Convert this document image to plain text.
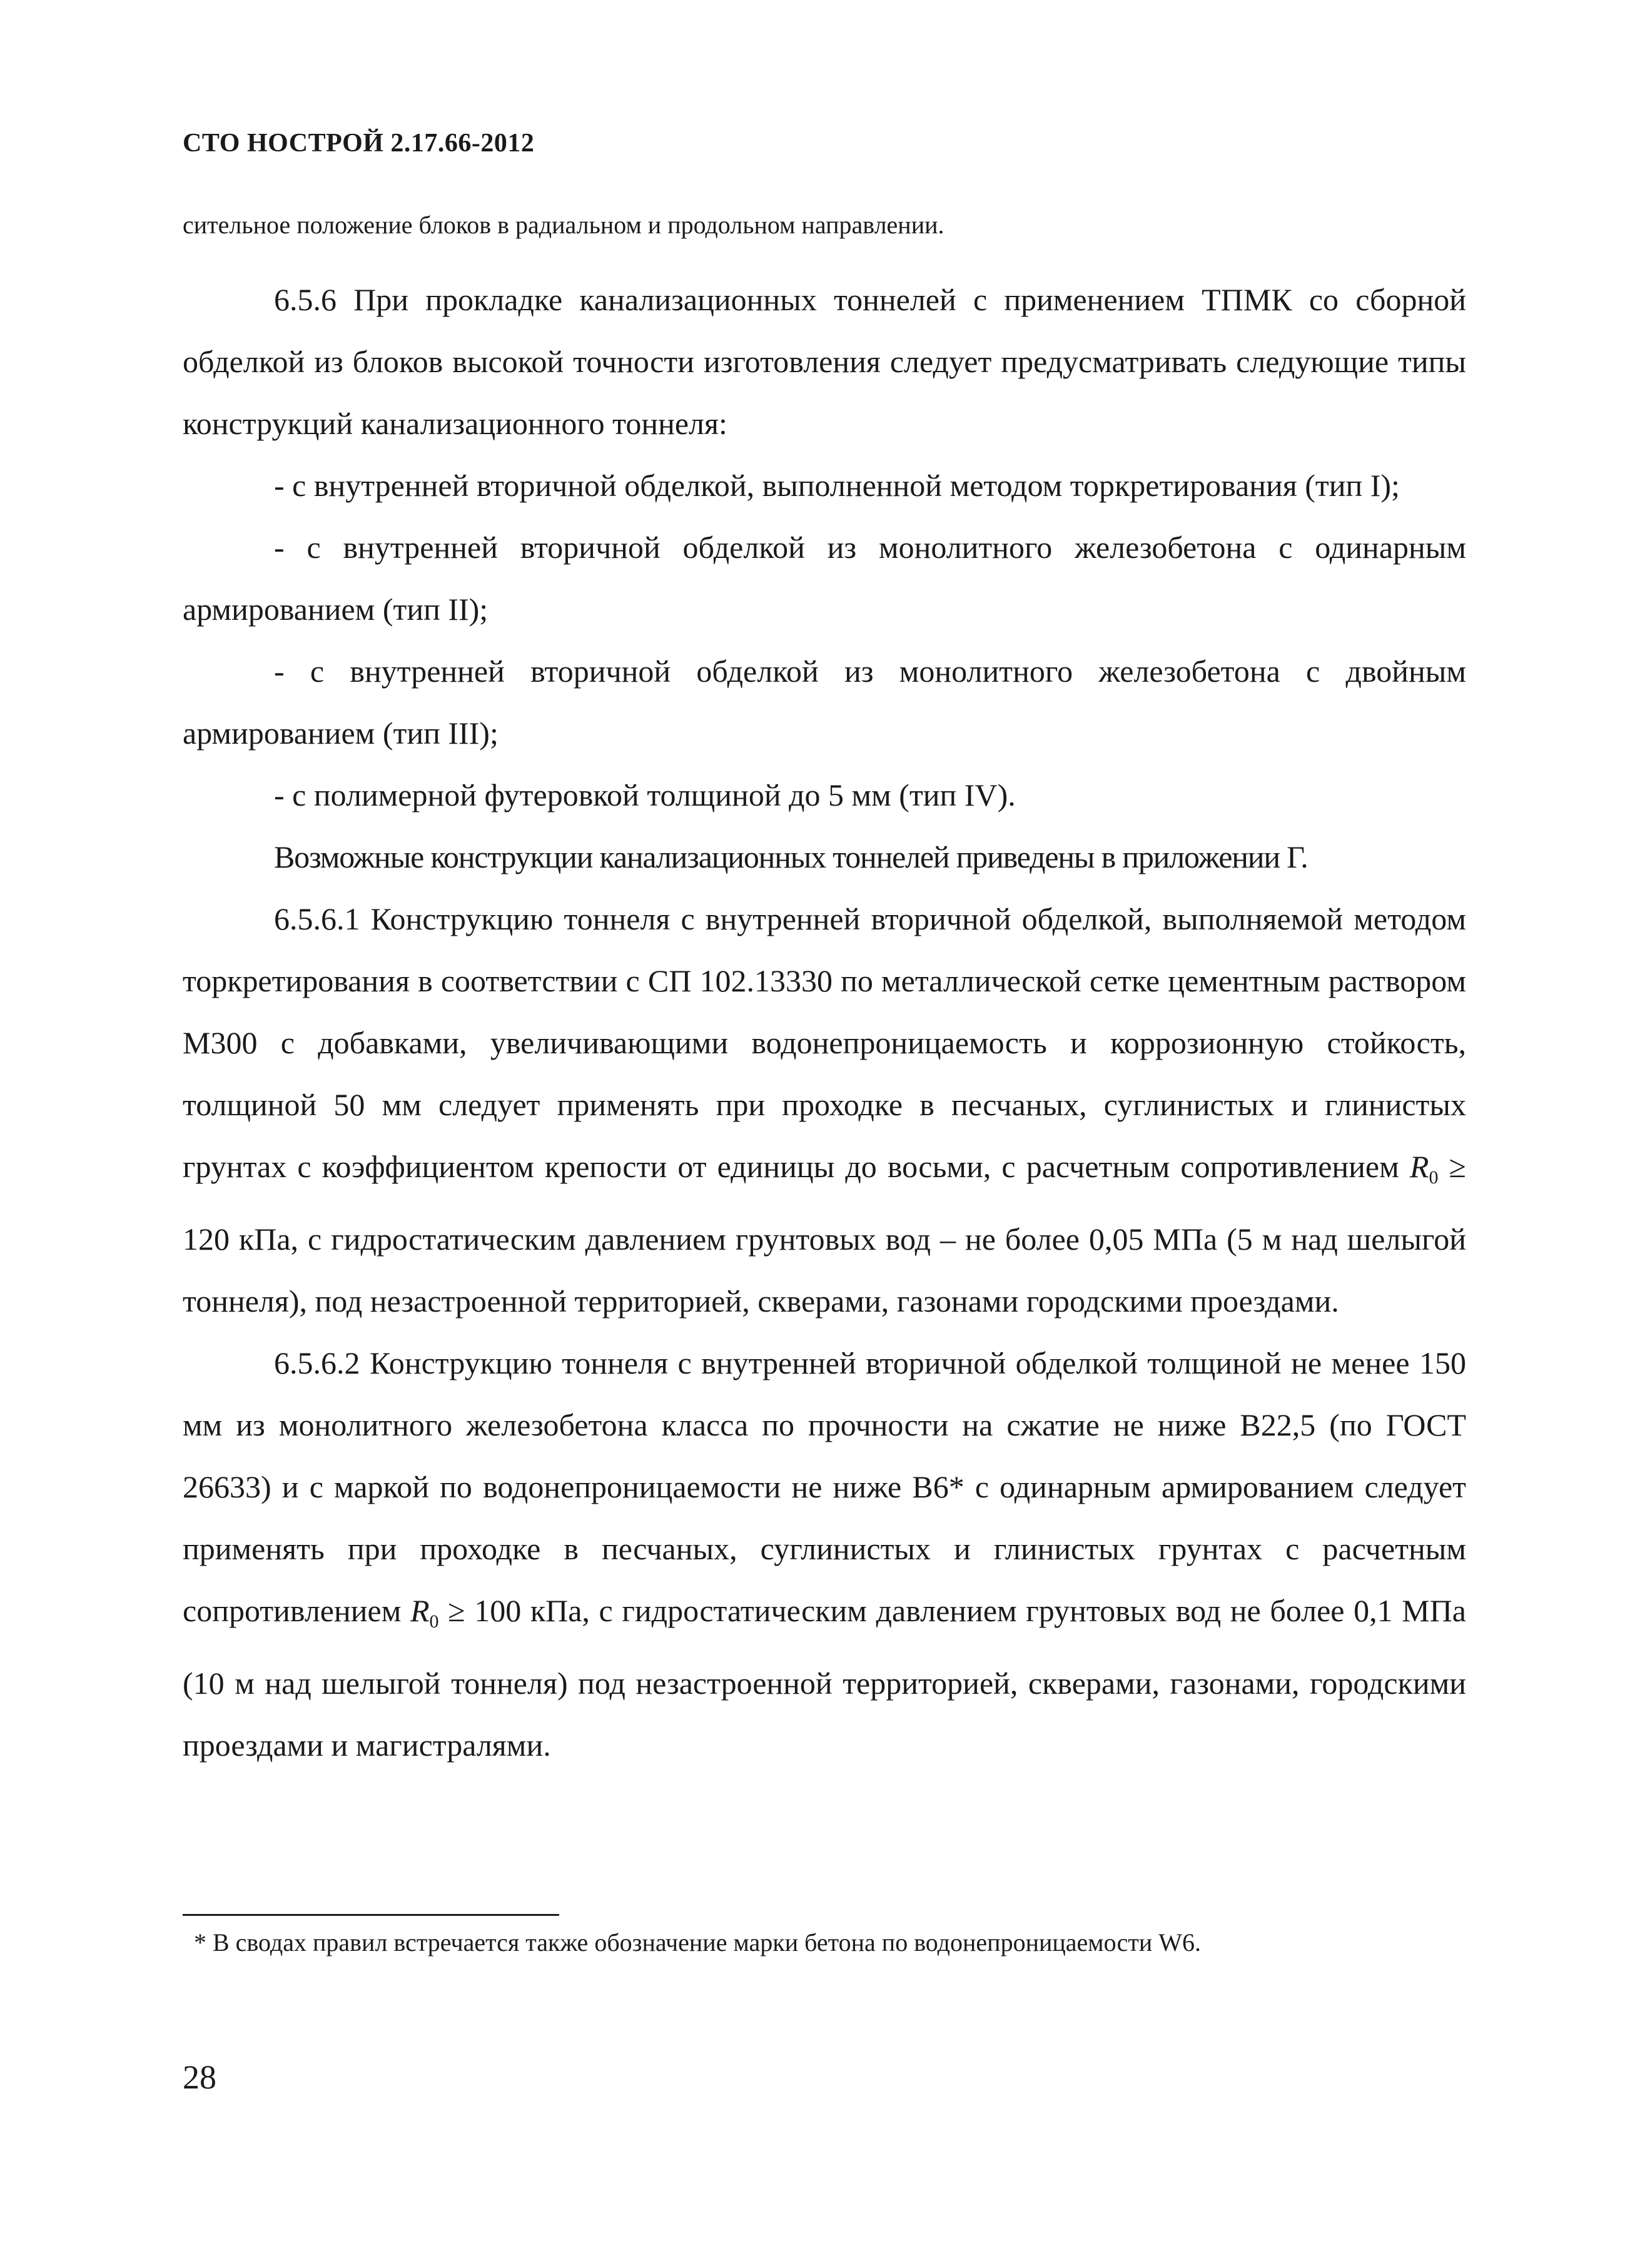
СТО НОСТРОЙ 2.17.66-2012
сительное положение блоков в радиальном и продольном направлении.

6.5.6 При прокладке канализационных тоннелей с применением ТПМК со сборной обделкой из блоков высокой точности изготовления следует предусматривать следующие типы конструкций канализационного тоннеля:

- с внутренней вторичной обделкой, выполненной методом торкретирования (тип I);

- с внутренней вторичной обделкой из монолитного железобетона с одинарным армированием (тип II);

- с внутренней вторичной обделкой из монолитного железобетона с двойным армированием (тип III);

- с полимерной футеровкой толщиной до 5 мм (тип IV).

Возможные конструкции канализационных тоннелей приведены в приложении Г.

6.5.6.1 Конструкцию тоннеля с внутренней вторичной обделкой, выполняемой методом торкретирования в соответствии с СП 102.13330 по металлической сетке цементным раствором М300 с добавками, увеличивающими водонепроницаемость и коррозионную стойкость, толщиной 50 мм следует применять при проходке в песчаных, суглинистых и глинистых грунтах с коэффициентом крепости от единицы до восьми, с расчетным сопротивлением $R_0 \ge 120$ кПа, с гидростатическим давлением грунтовых вод – не более 0,05 МПа (5 м над шелыгой тоннеля), под незастроенной территорией, скверами, газонами городскими проездами.

6.5.6.2 Конструкцию тоннеля с внутренней вторичной обделкой толщиной не менее 150 мм из монолитного железобетона класса по прочности на сжатие не ниже В22,5 (по ГОСТ 26633) и с маркой по водонепроницаемости не ниже В6* с одинарным армированием следует применять при проходке в песчаных, суглинистых и глинистых грунтах с расчетным сопротивлением $R_0 \ge 100$ кПа, с гидростатическим давлением грунтовых вод не более 0,1 МПа (10 м над шелыгой тоннеля) под незастроенной территорией, скверами, газонами, городскими проездами и магистралями.

* В сводах правил встречается также обозначение марки бетона по водонепроницаемости W6.
28
